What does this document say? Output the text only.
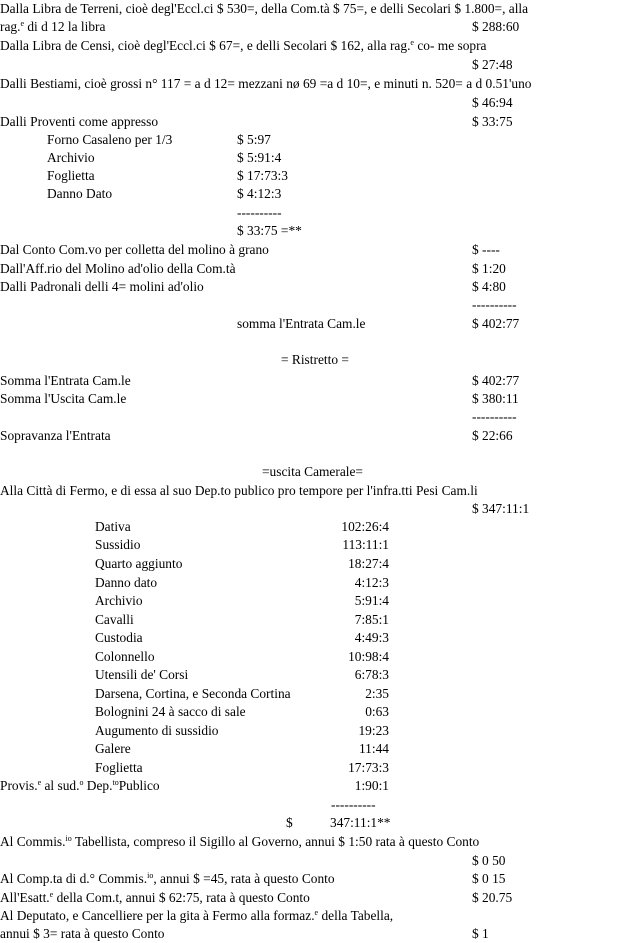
Dalla Libra de Terreni, cioè degl'Eccl.ci $ 530=, della Com.tà $ 75=, e delli Secolari $ 1.800=, alla
rag.$^e$ di d 12 la libra	$ 288:60
Dalla Libra de Censi, cioè degl'Eccl.ci $ 67=, e delli Secolari $ 162, alla rag.$^e$ co- me sopra
$ 27:48
Dalli Bestiami, cioè grossi n° 117 = a d 12= mezzani nø 69 =a d 10=, e minuti n. 520= a d 0.51'uno
$ 46:94
Dalli Proventi come appresso	$ 33:75
Forno Casaleno per 1/3	$ 5:97
Archivio	$ 5:91:4
Foglietta	$ 17:73:3
Danno Dato	$ 4:12:3
----------
$ 33:75 =**
Dal Conto Com.vo per colletta del molino à grano	$ ----
Dall'Aff.rio del Molino ad'olio della Com.tà	$ 1:20
Dalli Padronali delli 4= molini ad'olio	$ 4:80
----------
somma l'Entrata Cam.le	$ 402:77
= Ristretto =
Somma l'Entrata Cam.le	$ 402:77
Somma l'Uscita Cam.le	$ 380:11
----------
Sopravanza l'Entrata	$ 22:66
=uscita Camerale=
Alla Città di Fermo, e di essa al suo Dep.to publico pro tempore per l'infra.tti Pesi Cam.li
$ 347:11:1
Dativa	102:26:4
Sussidio	113:11:1
Quarto aggiunto	18:27:4
Danno dato	4:12:3
Archivio	5:91:4
Cavalli	7:85:1
Custodia	4:49:3
Colonnello	10:98:4
Utensili de' Corsi	6:78:3
Darsena, Cortina, e Seconda Cortina	2:35
Bolognini 24 à sacco di sale	0:63
Augumento di sussidio	19:23
Galere	11:44
Foglietta	17:73:3
Provis.$^e$ al sud.$^o$ Dep.$^{to}$Publico	1:90:1
----------
$	347:11:1**
Al Commis.$^{io}$ Tabellista, compreso il Sigillo al Governo, annui $ 1:50 rata à questo Conto
$ 0 50
Al Comp.ta di d.° Commis.$^{io}$, annui $ =45, rata à questo Conto	$ 0 15
All'Esatt.$^e$ della Com.t, annui $ 62:75, rata à questo Conto	$ 20.75
Al Deputato, e Cancelliere per la gita à Fermo alla formaz.$^e$ della Tabella,
annui $ 3= rata à questo Conto	$ 1
